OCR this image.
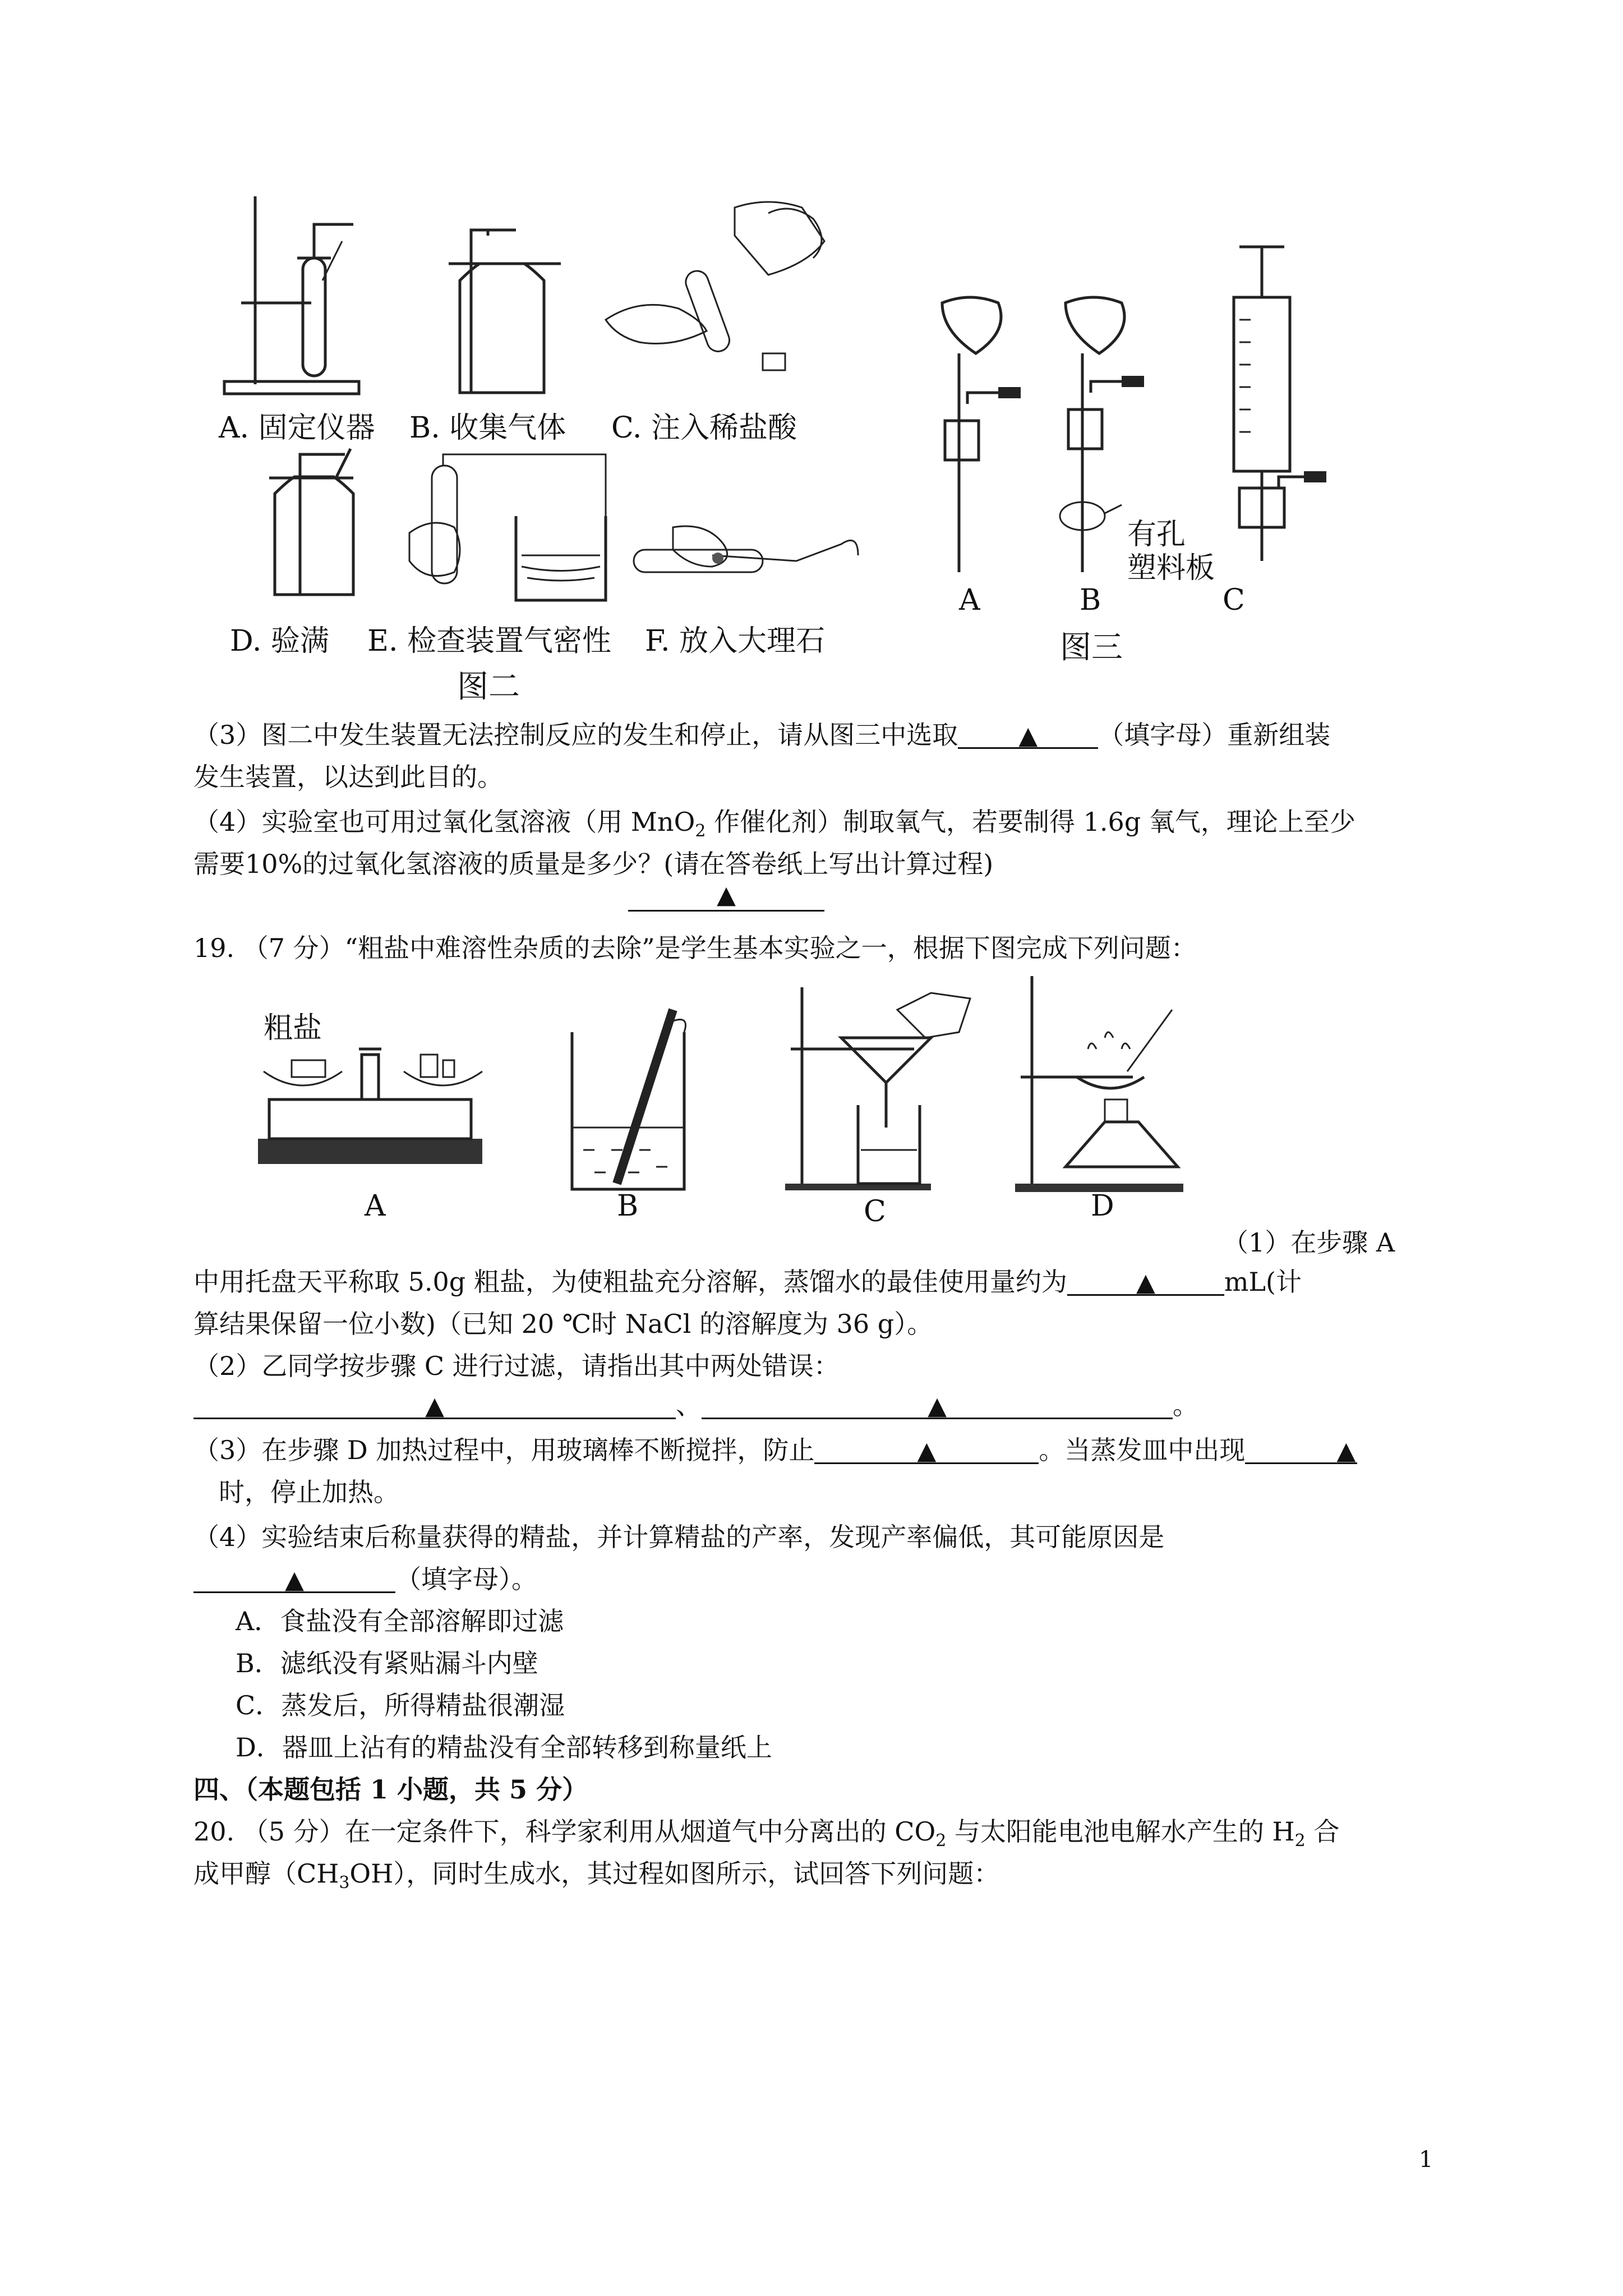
A. 固定仪器 B. 收集气体 C. 注入稀盐酸
D. 验满 E. 检查装置气密性 F. 放入大理石
图二
有孔
塑料板
A	B	C
图三
（3）图二中发生装置无法控制反应的发生和停止，请从图三中选取 ▲ （填字母）重新组装
发生装置，以达到此目的。
（4）实验室也可用过氧化氢溶液（用 MnO$_2$ 作催化剂）制取氧气，若要制得 1.6g 氧气，理论上至少
需要10%的过氧化氢溶液的质量是多少？(请在答卷纸上写出计算过程)
▲
19. （7 分）“粗盐中难溶性杂质的去除”是学生基本实验之一，根据下图完成下列问题：
粗盐
A	B	C	D
（1）在步骤 A
中用托盘天平称取 5.0g 粗盐，为使粗盐充分溶解，蒸馏水的最佳使用量约为	▲	mL(计
算结果保留一位小数)（已知 20 ℃时 NaCl 的溶解度为 36 g）。
（2）乙同学按步骤 C 进行过滤，请指出其中两处错误：
▲	、	▲	。
（3）在步骤 D 加热过程中，用玻璃棒不断搅拌，防止	▲	。当蒸发皿中出现	▲
时，停止加热。
（4）实验结束后称量获得的精盐，并计算精盐的产率，发现产率偏低，其可能原因是
▲	（填字母）。
A．食盐没有全部溶解即过滤
B．滤纸没有紧贴漏斗内壁
C．蒸发后，所得精盐很潮湿
D．器皿上沾有的精盐没有全部转移到称量纸上
四、（本题包括 1 小题，共 5 分）
20. （5 分）在一定条件下，科学家利用从烟道气中分离出的 $CO_2$ 与太阳能电池电解水产生的 $H_2$ 合
成甲醇$(CH_3OH)$，同时生成水，其过程如图所示，试回答下列问题：
1
